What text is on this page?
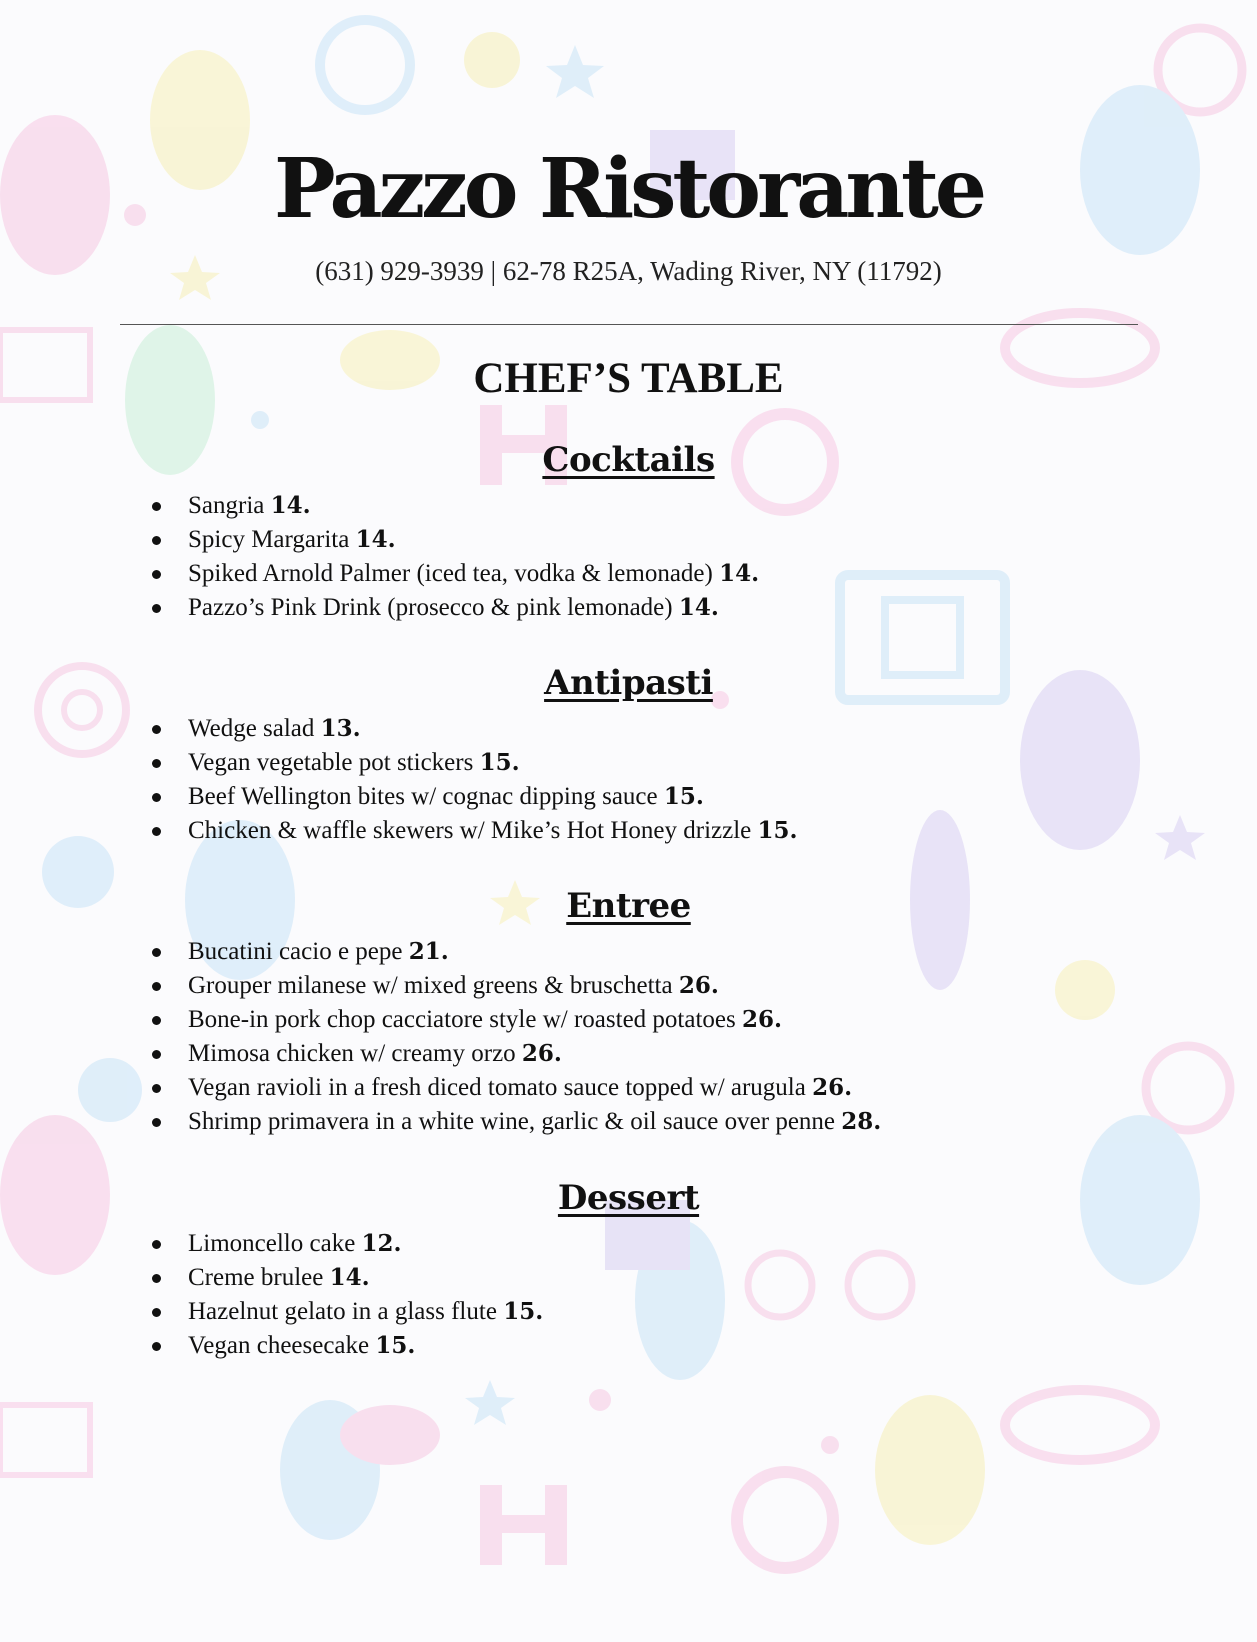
Pazzo Ristorante
(631) 929-3939 | 62-78 R25A, Wading River, NY (11792)
CHEF’S TABLE
Cocktails
Sangria 14.
Spicy Margarita 14.
Spiked Arnold Palmer (iced tea, vodka & lemonade) 14.
Pazzo’s Pink Drink (prosecco & pink lemonade) 14.
Antipasti
Wedge salad 13.
Vegan vegetable pot stickers 15.
Beef Wellington bites w/ cognac dipping sauce 15.
Chicken & waffle skewers w/ Mike’s Hot Honey drizzle 15.
Entree
Bucatini cacio e pepe 21.
Grouper milanese w/ mixed greens & bruschetta 26.
Bone-in pork chop cacciatore style w/ roasted potatoes 26.
Mimosa chicken w/ creamy orzo 26.
Vegan ravioli in a fresh diced tomato sauce topped w/ arugula 26.
Shrimp primavera in a white wine, garlic & oil sauce over penne 28.
Dessert
Limoncello cake 12.
Creme brulee 14.
Hazelnut gelato in a glass flute 15.
Vegan cheesecake 15.
